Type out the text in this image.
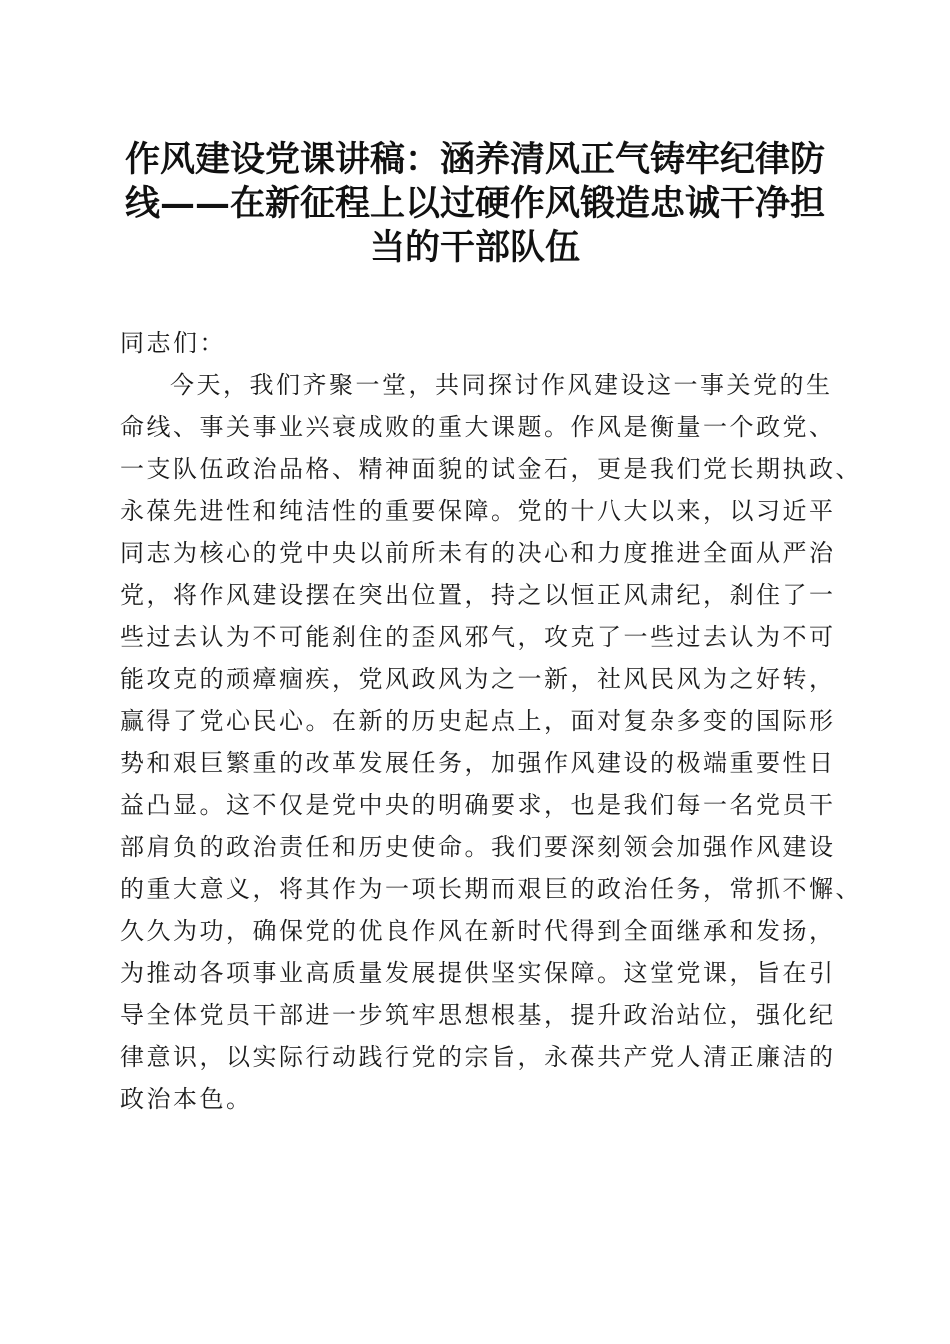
作风建设党课讲稿：涵养清风正气铸牢纪律防
线——在新征程上以过硬作风锻造忠诚干净担
当的干部队伍
同志们：
今天，我们齐聚一堂，共同探讨作风建设这一事关党的生
命线、事关事业兴衰成败的重大课题。作风是衡量一个政党、
一支队伍政治品格、精神面貌的试金石，更是我们党长期执政、
永葆先进性和纯洁性的重要保障。党的十八大以来，以习近平
同志为核心的党中央以前所未有的决心和力度推进全面从严治
党，将作风建设摆在突出位置，持之以恒正风肃纪，刹住了一
些过去认为不可能刹住的歪风邪气，攻克了一些过去认为不可
能攻克的顽瘴痼疾，党风政风为之一新，社风民风为之好转，
赢得了党心民心。在新的历史起点上，面对复杂多变的国际形
势和艰巨繁重的改革发展任务，加强作风建设的极端重要性日
益凸显。这不仅是党中央的明确要求，也是我们每一名党员干
部肩负的政治责任和历史使命。我们要深刻领会加强作风建设
的重大意义，将其作为一项长期而艰巨的政治任务，常抓不懈、
久久为功，确保党的优良作风在新时代得到全面继承和发扬，
为推动各项事业高质量发展提供坚实保障。这堂党课，旨在引
导全体党员干部进一步筑牢思想根基，提升政治站位，强化纪
律意识，以实际行动践行党的宗旨，永葆共产党人清正廉洁的
政治本色。
